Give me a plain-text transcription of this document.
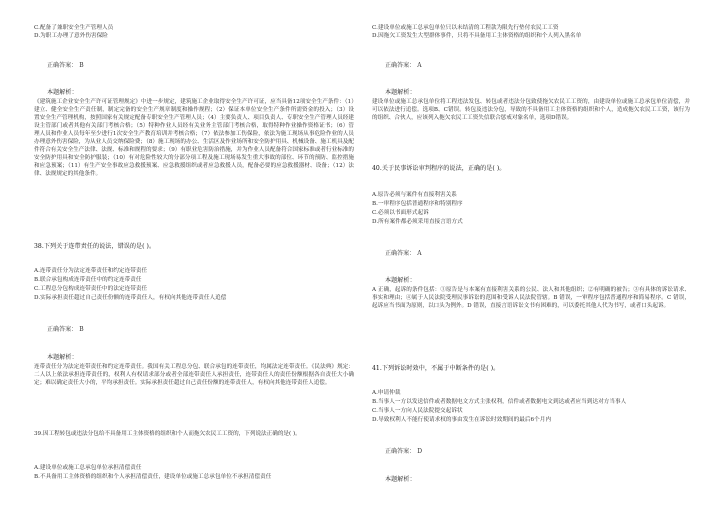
C.配备了兼职安全生产管理人员
D.为职工办理了意外伤害保险
正确答案： B
本题解析：
《建筑施工企业安全生产许可证管理规定》中进一步规定，建筑施工企业取得安全生产许可证，应当具备12项安全生产条件：（1）建立、健全安全生产责任制，制定完备的安全生产规章制度和操作规程；（2）保证本单位安全生产条件所需资金的投入；（3）设置安全生产管理机构，按照国家有关规定配备专职安全生产管理人员；（4）主要负责人、项目负责人、专职安全生产管理人员经建设主管部门或者其他有关部门考核合格；（5）特种作业人员经有关业务主管部门考核合格，取得特种作业操作资格证书；（6）管理人员和作业人员每年至少进行1次安全生产教育培训并考核合格；（7）依法参加工伤保险，依法为施工现场从事危险作业的人员办理意外伤害保险，为从业人员交纳保险费；（8）施工现场的办公、生活区及作业场所和安全防护用具、机械设备、施工机具及配件符合有关安全生产法律、法规、标准和规程的要求；（9）有职业危害防治措施，并为作业人员配备符合国家标准或者行业标准的安全防护用具和安全防护服装；（10）有对危险性较大的分部分项工程及施工现场易发生重大事故的部位、环节的预防、监控措施和应急预案；（11）有生产安全事故应急救援预案、应急救援组织或者应急救援人员，配备必要的应急救援器材、设备；（12）法律、法规规定的其他条件。
38.下列关于连带责任的说法，错误的是( )。
A.连带责任分为法定连带责任和约定连带责任
B.联合承包构成连带责任中的约定连带责任
C.工程总分包构成连带责任中的法定连带责任
D.实际承担责任超过自己责任份额的连带责任人，有权向其他连带责任人追偿
正确答案： B
本题解析：
连带责任分为法定连带责任和约定连带责任。我国有关工程总分包、联合承包的连带责任，均属法定连带责任。《民法典》规定：二人以上依法承担连带责任的，权利人有权请求部分或者全部连带责任人承担责任，连带责任人的责任份额根据各自责任大小确定；难以确定责任大小的，平均承担责任。实际承担责任超过自己责任份额的连带责任人，有权向其他连带责任人追偿。
39.因工程转包或违法分包给不具备用工主体资格的组织和个人而拖欠农民工工资的，下列说法正确的是( )。
A.建设单位或施工总承包单位承担清偿责任
B.不具备用工主体资格的组织和个人承担清偿责任，建设单位或施工总承包单位不承担清偿责任
C.建设单位或施工总承包单位只以未结清的工程款为限先行垫付农民工工资
D.因拖欠工资发生大型群体事件，只将不具备用工主体资格的组织和个人列入黑名单
正确答案： A
本题解析：
建设单位或施工总承包单位将工程违法发包、转包或者违法分包致使拖欠农民工工资的，由建设单位或施工总承包单位清偿，并可以依法进行追偿。选项B、C错误。转包及违法分包，导致的不具备用工主体资格的组织和个人，造成拖欠农民工工资，该行为的组织、合伙人，应该列入拖欠农民工工资失信联合惩戒对象名单，选项D错误。
40.关于民事诉讼审判程序的说法，正确的是( )。
A.原告必须与案件有直接利害关系
B.一审程序包括普通程序和特别程序
C.必须以书面形式起诉
D.所有案件都必须采用直接言语方式
正确答案： A
本题解析：
A 正确，起诉的条件包括：①原告是与本案有直接利害关系的公民、法人和其他组织；②有明确的被告；③有具体的诉讼请求、事实和理由；④属于人民法院受理民事诉讼的范围和受诉人民法院管辖。B 错误，一审程序包括普通程序和简易程序。C 错误，起诉应当书面为原则，以口头为例外。D 错误，直接言语诉讼文书有困难的，可以委托其他人代为书写，或者口头起诉。
41.下列诉讼时效中，不属于中断条件的是( )。
A.申请仲裁
B.当事人一方以发送信件或者数据电文方式主张权利，信件或者数据电文到达或者应当到达对方当事人
C.当事人一方向人民法院提交起诉状
D.导致权利人不能行使请求权的事由发生在诉讼时效期间的最后6个月内
正确答案： D
本题解析：
